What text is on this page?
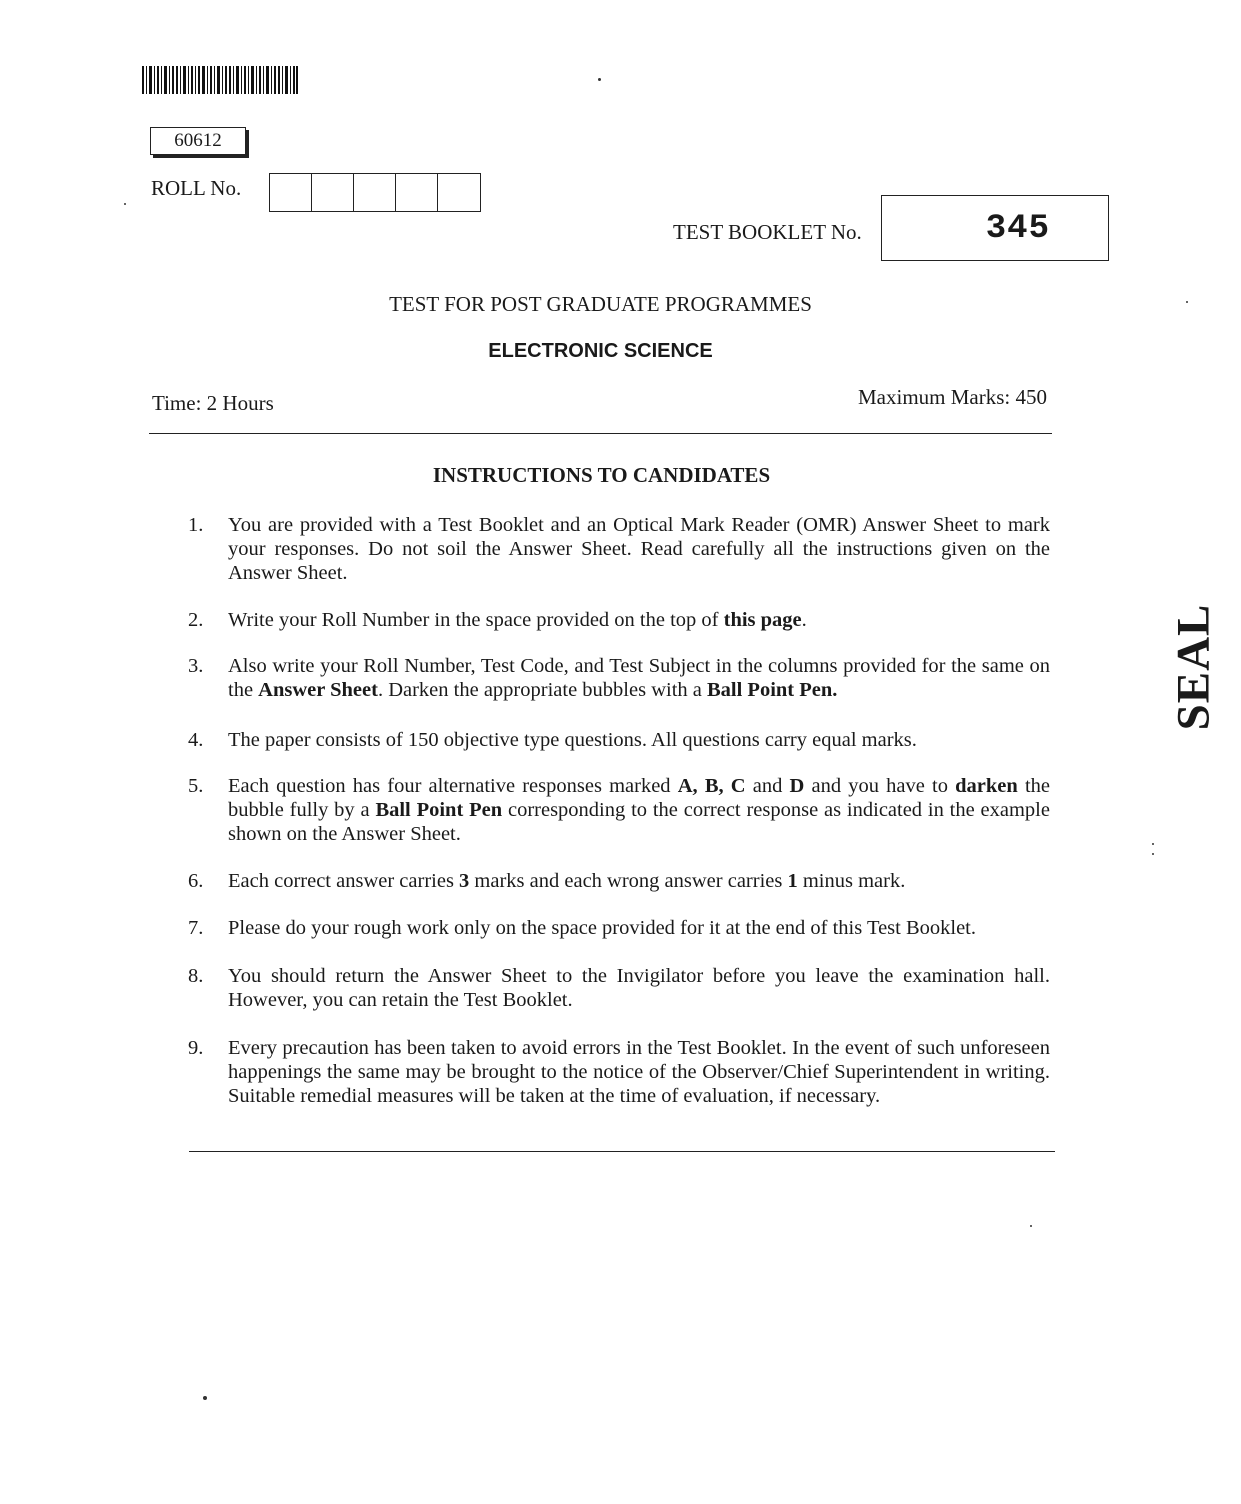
60612
ROLL No.
TEST BOOKLET No.	345
TEST FOR POST GRADUATE PROGRAMMES
ELECTRONIC SCIENCE
Time: 2 Hours	Maximum Marks: 450
INSTRUCTIONS TO CANDIDATES
1.	You are provided with a Test Booklet and an Optical Mark Reader (OMR) Answer Sheet to mark your responses. Do not soil the Answer Sheet. Read carefully all the instructions given on the Answer Sheet.
2.	Write your Roll Number in the space provided on the top of this page.
3.	Also write your Roll Number, Test Code, and Test Subject in the columns provided for the same on the Answer Sheet. Darken the appropriate bubbles with a Ball Point Pen.
4.	The paper consists of 150 objective type questions. All questions carry equal marks.
5.	Each question has four alternative responses marked A, B, C and D and you have to darken the bubble fully by a Ball Point Pen corresponding to the correct response as indicated in the example shown on the Answer Sheet.
6.	Each correct answer carries 3 marks and each wrong answer carries 1 minus mark.
7.	Please do your rough work only on the space provided for it at the end of this Test Booklet.
8.	You should return the Answer Sheet to the Invigilator before you leave the examination hall. However, you can retain the Test Booklet.
9.	Every precaution has been taken to avoid errors in the Test Booklet. In the event of such unforeseen happenings the same may be brought to the notice of the Observer/Chief Superintendent in writing. Suitable remedial measures will be taken at the time of evaluation, if necessary.
SEAL
